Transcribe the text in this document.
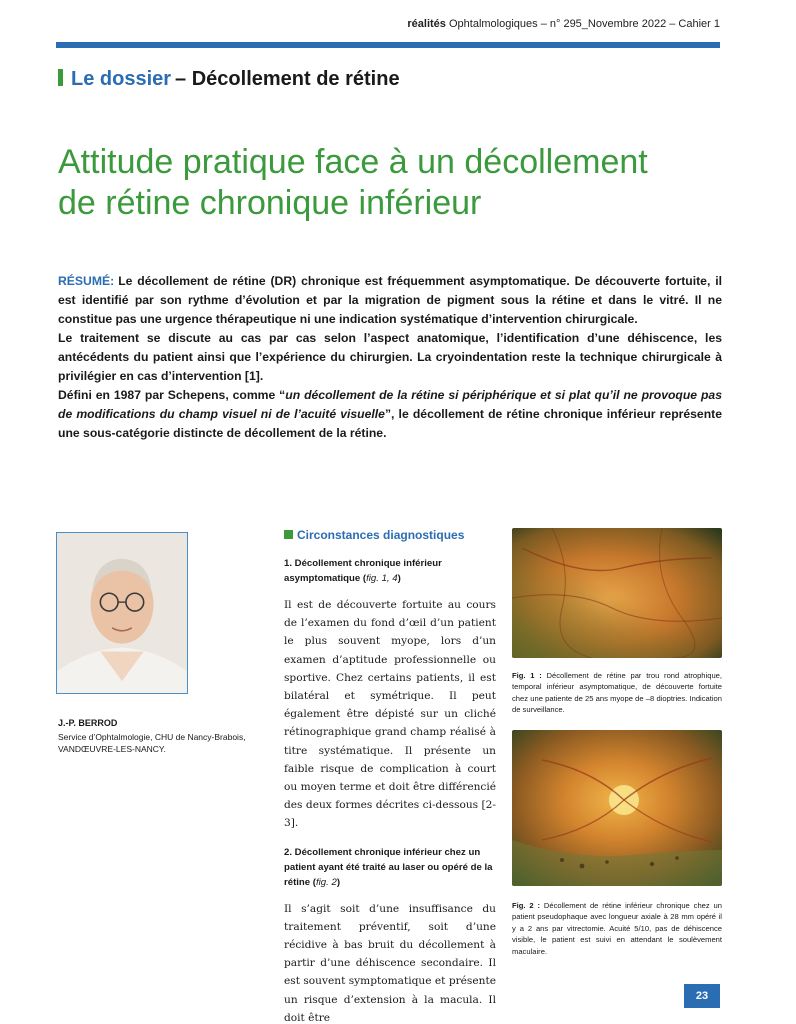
réalités Ophtalmologiques – n° 295_Novembre 2022 – Cahier 1
Le dossier – Décollement de rétine
Attitude pratique face à un décollement
de rétine chronique inférieur

RÉSUMÉ: Le décollement de rétine (DR) chronique est fréquemment asymptomatique. De découverte fortuite, il est identifié par son rythme d’évolution et par la migration de pigment sous la rétine et dans le vitré. Il ne constitue pas une urgence thérapeutique ni une indication systématique d’intervention chirurgicale.

Le traitement se discute au cas par cas selon l’aspect anatomique, l’identification d’une déhiscence, les antécédents du patient ainsi que l’expérience du chirurgien. La cryoindentation reste la technique chirurgicale à privilégier en cas d’intervention [1].

Défini en 1987 par Schepens, comme “un décollement de la rétine si périphérique et si plat qu’il ne provoque pas de modifications du champ visuel ni de l’acuité visuelle”, le décollement de rétine chronique inférieur représente une sous-catégorie distincte de décollement de la rétine.

J.-P. BERROD
Service d’Ophtalmologie, CHU de Nancy-Brabois,
VANDŒUVRE-LES-NANCY.
Circonstances diagnostiques
1. Décollement chronique inférieur asymptomatique (fig. 1, 4)

Il est de découverte fortuite au cours de l’examen du fond d’œil d’un patient le plus souvent myope, lors d’un examen d’aptitude professionnelle ou sportive. Chez certains patients, il est bilatéral et symétrique. Il peut également être dépisté sur un cliché rétinographique grand champ réalisé à titre systématique. Il présente un faible risque de complication à court ou moyen terme et doit être différencié des deux formes décrites ci-dessous [2-3].

2. Décollement chronique inférieur chez un patient ayant été traité au laser ou opéré de la rétine (fig. 2)

Il s’agit soit d’une insuffisance du traitement préventif, soit d’une récidive à bas bruit du décollement à partir d’une déhiscence secondaire. Il est souvent symptomatique et présente un risque d’extension à la macula. Il doit être

Fig. 1 : Décollement de rétine par trou rond atrophique, temporal inférieur asymptomatique, de découverte fortuite chez une patiente de 25 ans myope de –8 dioptries. Indication de surveillance.

Fig. 2 : Décollement de rétine inférieur chronique chez un patient pseudophaque avec longueur axiale à 28 mm opéré il y a 2 ans par vitrectomie. Acuité 5/10, pas de déhiscence visible, le patient est suivi en attendant le soulèvement maculaire.

23
